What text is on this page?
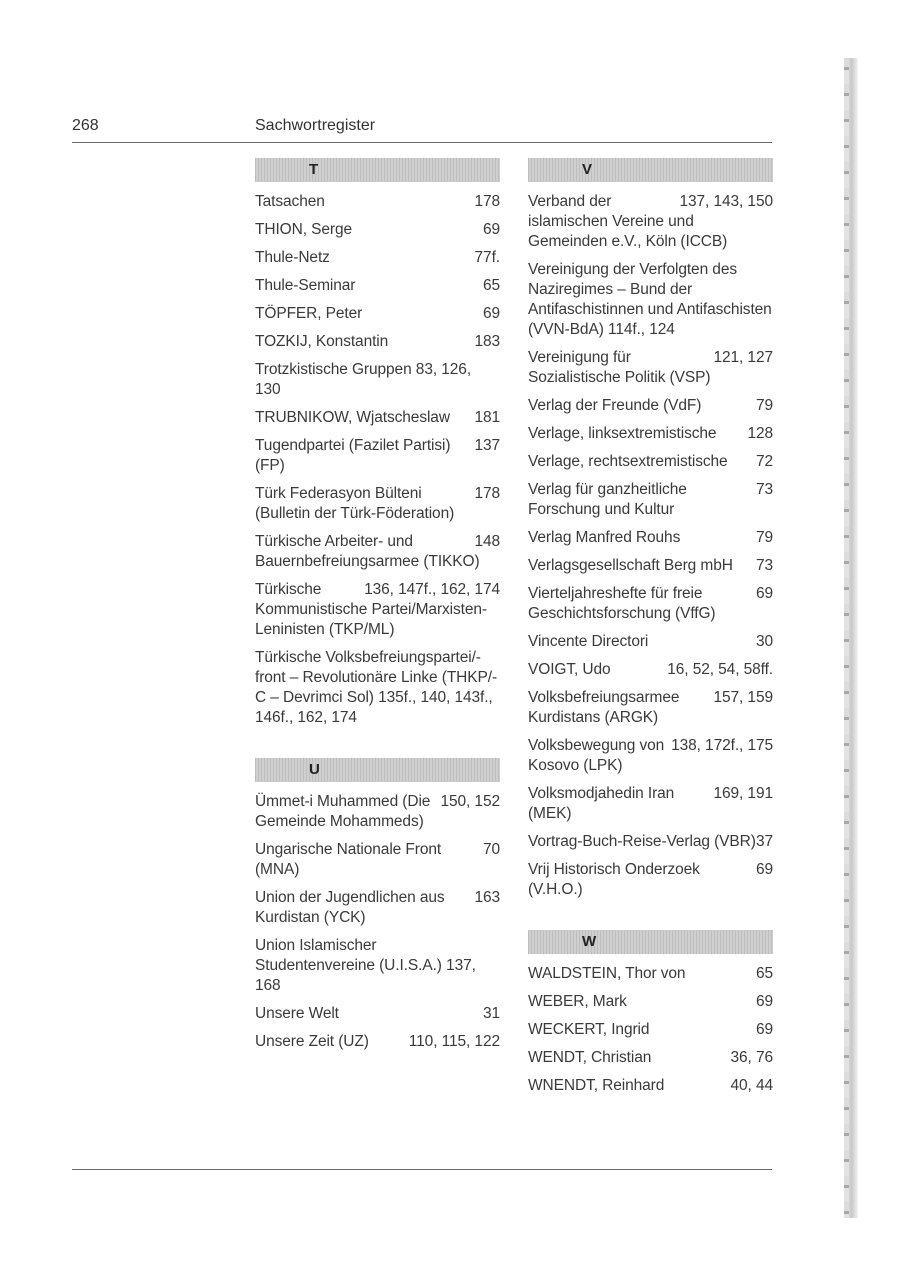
268	Sachwortregister
T
178
Tatsachen
69
THION, Serge
77f.
Thule-Netz
65
Thule-Seminar
69
TÖPFER, Peter
183
TOZKIJ, Konstantin
Trotzkistische Gruppen 83, 126, 130
181
TRUBNIKOW, Wjatscheslaw
137
Tugendpartei (Fazilet Partisi) (FP)
178
Türk Federasyon Bülteni (Bulletin der Türk-Föderation)
148
Türkische Arbeiter- und Bauernbefreiungsarmee (TIKKO)
136, 147f., 162, 174
Türkische Kommunistische Partei/Marxisten-Leninisten (TKP/ML)
Türkische Volksbefreiungspartei/-front – Revolutionäre Linke (THKP/-C – Devrimci Sol) 135f., 140, 143f., 146f., 162, 174
U
150, 152
Ümmet-i Muhammed (Die Gemeinde Mohammeds)
70
Ungarische Nationale Front (MNA)
163
Union der Jugendlichen aus Kurdistan (YCK)
Union Islamischer Studentenvereine (U.I.S.A.) 137, 168
31
Unsere Welt
110, 115, 122
Unsere Zeit (UZ)
V
137, 143, 150
Verband der islamischen Vereine und Gemeinden e.V., Köln (ICCB)
Vereinigung der Verfolgten des Naziregimes – Bund der Antifaschistinnen und Antifaschisten (VVN-BdA) 114f., 124
121, 127
Vereinigung für Sozialistische Politik (VSP)
79
Verlag der Freunde (VdF)
128
Verlage, linksextremistische
72
Verlage, rechtsextremistische
73
Verlag für ganzheitliche Forschung und Kultur
79
Verlag Manfred Rouhs
73
Verlagsgesellschaft Berg mbH
69
Vierteljahreshefte für freie Geschichtsforschung (VffG)
30
Vincente Directori
16, 52, 54, 58ff.
VOIGT, Udo
157, 159
Volksbefreiungsarmee Kurdistans (ARGK)
138, 172f., 175
Volksbewegung von Kosovo (LPK)
169, 191
Volksmodjahedin Iran (MEK)
37
Vortrag-Buch-Reise-Verlag (VBR)
69
Vrij Historisch Onderzoek (V.H.O.)
W
65
WALDSTEIN, Thor von
69
WEBER, Mark
69
WECKERT, Ingrid
36, 76
WENDT, Christian
40, 44
WNENDT, Reinhard
